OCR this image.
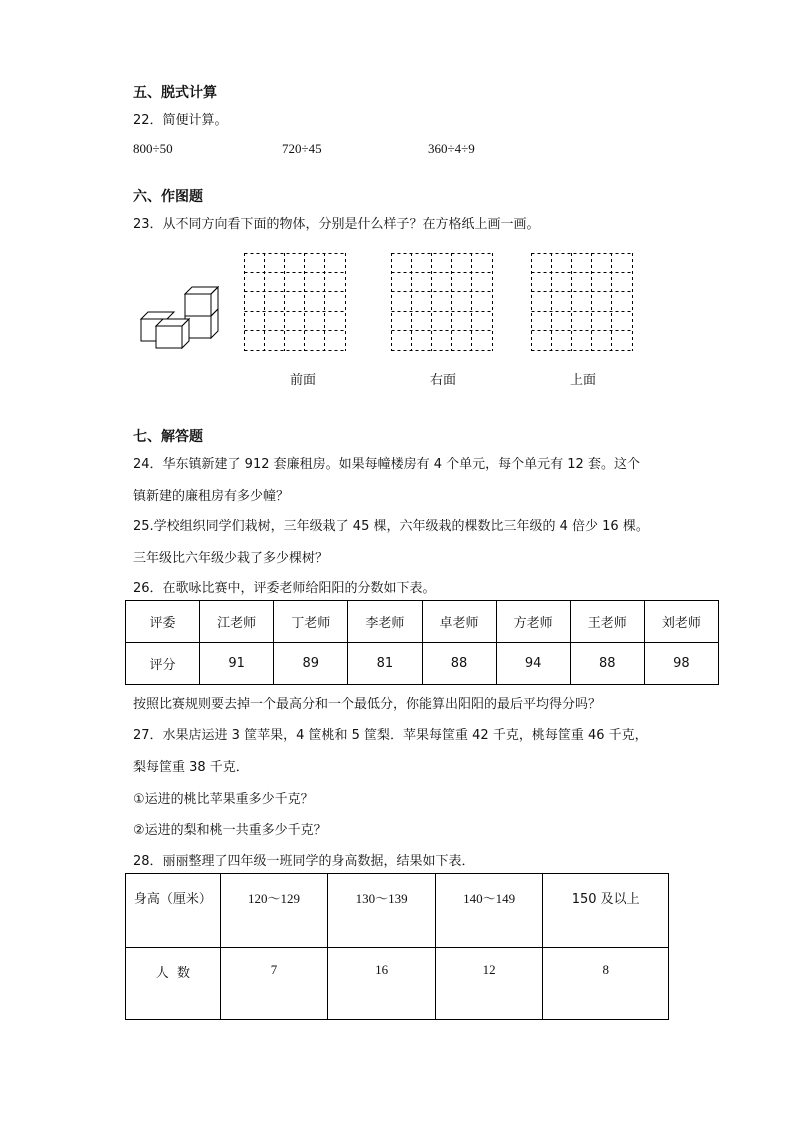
五、脱式计算
22．简便计算。
800÷50	720÷45	360÷4÷9
六、作图题
23．从不同方向看下面的物体，分别是什么样子？在方格纸上画一画。
前面	右面	上面
七、解答题
24．华东镇新建了 912 套廉租房。如果每幢楼房有 4 个单元，每个单元有 12 套。这个
镇新建的廉租房有多少幢？
25.学校组织同学们栽树，三年级栽了 45 棵，六年级栽的棵数比三年级的 4 倍少 16 棵。
三年级比六年级少栽了多少棵树？
26．在歌咏比赛中，评委老师给阳阳的分数如下表。
评委	江老师	丁老师	李老师	卓老师	方老师	王老师	刘老师
评分	91	89	81	88	94	88	98
按照比赛规则要去掉一个最高分和一个最低分，你能算出阳阳的最后平均得分吗？
27．水果店运进 3 筐苹果，4 筐桃和 5 筐梨．苹果每筐重 42 千克，桃每筐重 46 千克，
梨每筐重 38 千克．
①运进的桃比苹果重多少千克？
②运进的梨和桃一共重多少千克？
28．丽丽整理了四年级一班同学的身高数据，结果如下表．
身高（厘米）	120～129	130～139	140～149	150 及以上
人  数	7	16	12	8
